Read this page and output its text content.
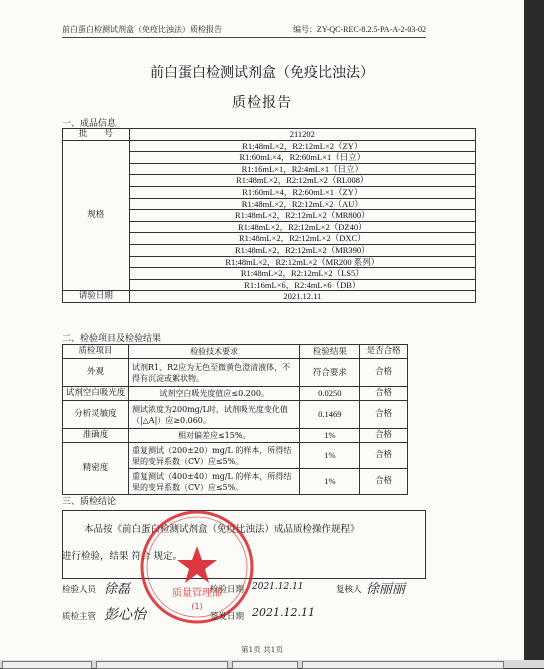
前白蛋白检测试剂盒（免疫比浊法）质检报告	编号：ZY-QC-REC-8.2.5-PA-A-2-03-02
前白蛋白检测试剂盒（免疫比浊法）
质检报告
一、成品信息
批　　号	211202
规格	R1:48mL×2，R2:12mL×2（ZY）
	R1:60mL×4，R2:60mL×1（日立）
	R1:16mL×1，R2:4mL×1（日立）
	R1:48mL×2，R2:12mL×2（RL008）
	R1:60mL×4，R2:60mL×1（ZY）
	R1:48mL×2，R2:12mL×2（AU）
	R1:48mL×2，R2:12mL×2（MR800）
	R1:48mL×2，R2:12mL×2（DZ40）
	R1:48mL×2，R2:12mL×2（DXC）
	R1:48mL×2，R2:12mL×2（MR390）
	R1:48mL×2，R2:12mL×2（MR200 系列）
	R1:48mL×2，R2:12mL×2（LS5）
	R1:16mL×6，R2:4mL×6（DB）
请验日期	2021.12.11
二、检验项目及检验结果
质检项目	检验技术要求	检验结果	是否合格
外观	试剂R1、R2应为无色至微黄色澄清液体，不得有沉淀或絮状物。	符合要求	合格
试剂空白吸光度	试剂空白吸光度值应≤0.200。	0.0250	合格
分析灵敏度	测试浓度为200mg/L时，试剂吸光度变化值（|△A|）应≥0.060。	0.1469	合格
准确度	相对偏差应≤15%。	1%	合格
精密度	重复测试（200±20）mg/L 的样本，所得结果的变异系数（CV）应≤5%。	1%	合格
	重复测试（400±40）mg/L 的样本，所得结果的变异系数（CV）应≤5%。	1%	合格
三、质检结论
本品按《前白蛋白检测试剂盒（免疫比浊法）成品质检操作规程》
进行检验，结果 符合 规定。
质量管理部
(1)
检验人员 徐磊	检验日期 2021.12.11	复核人 徐丽丽
质检主管 彭心怡	签发日期 2021.12.11
第1页 共1页
